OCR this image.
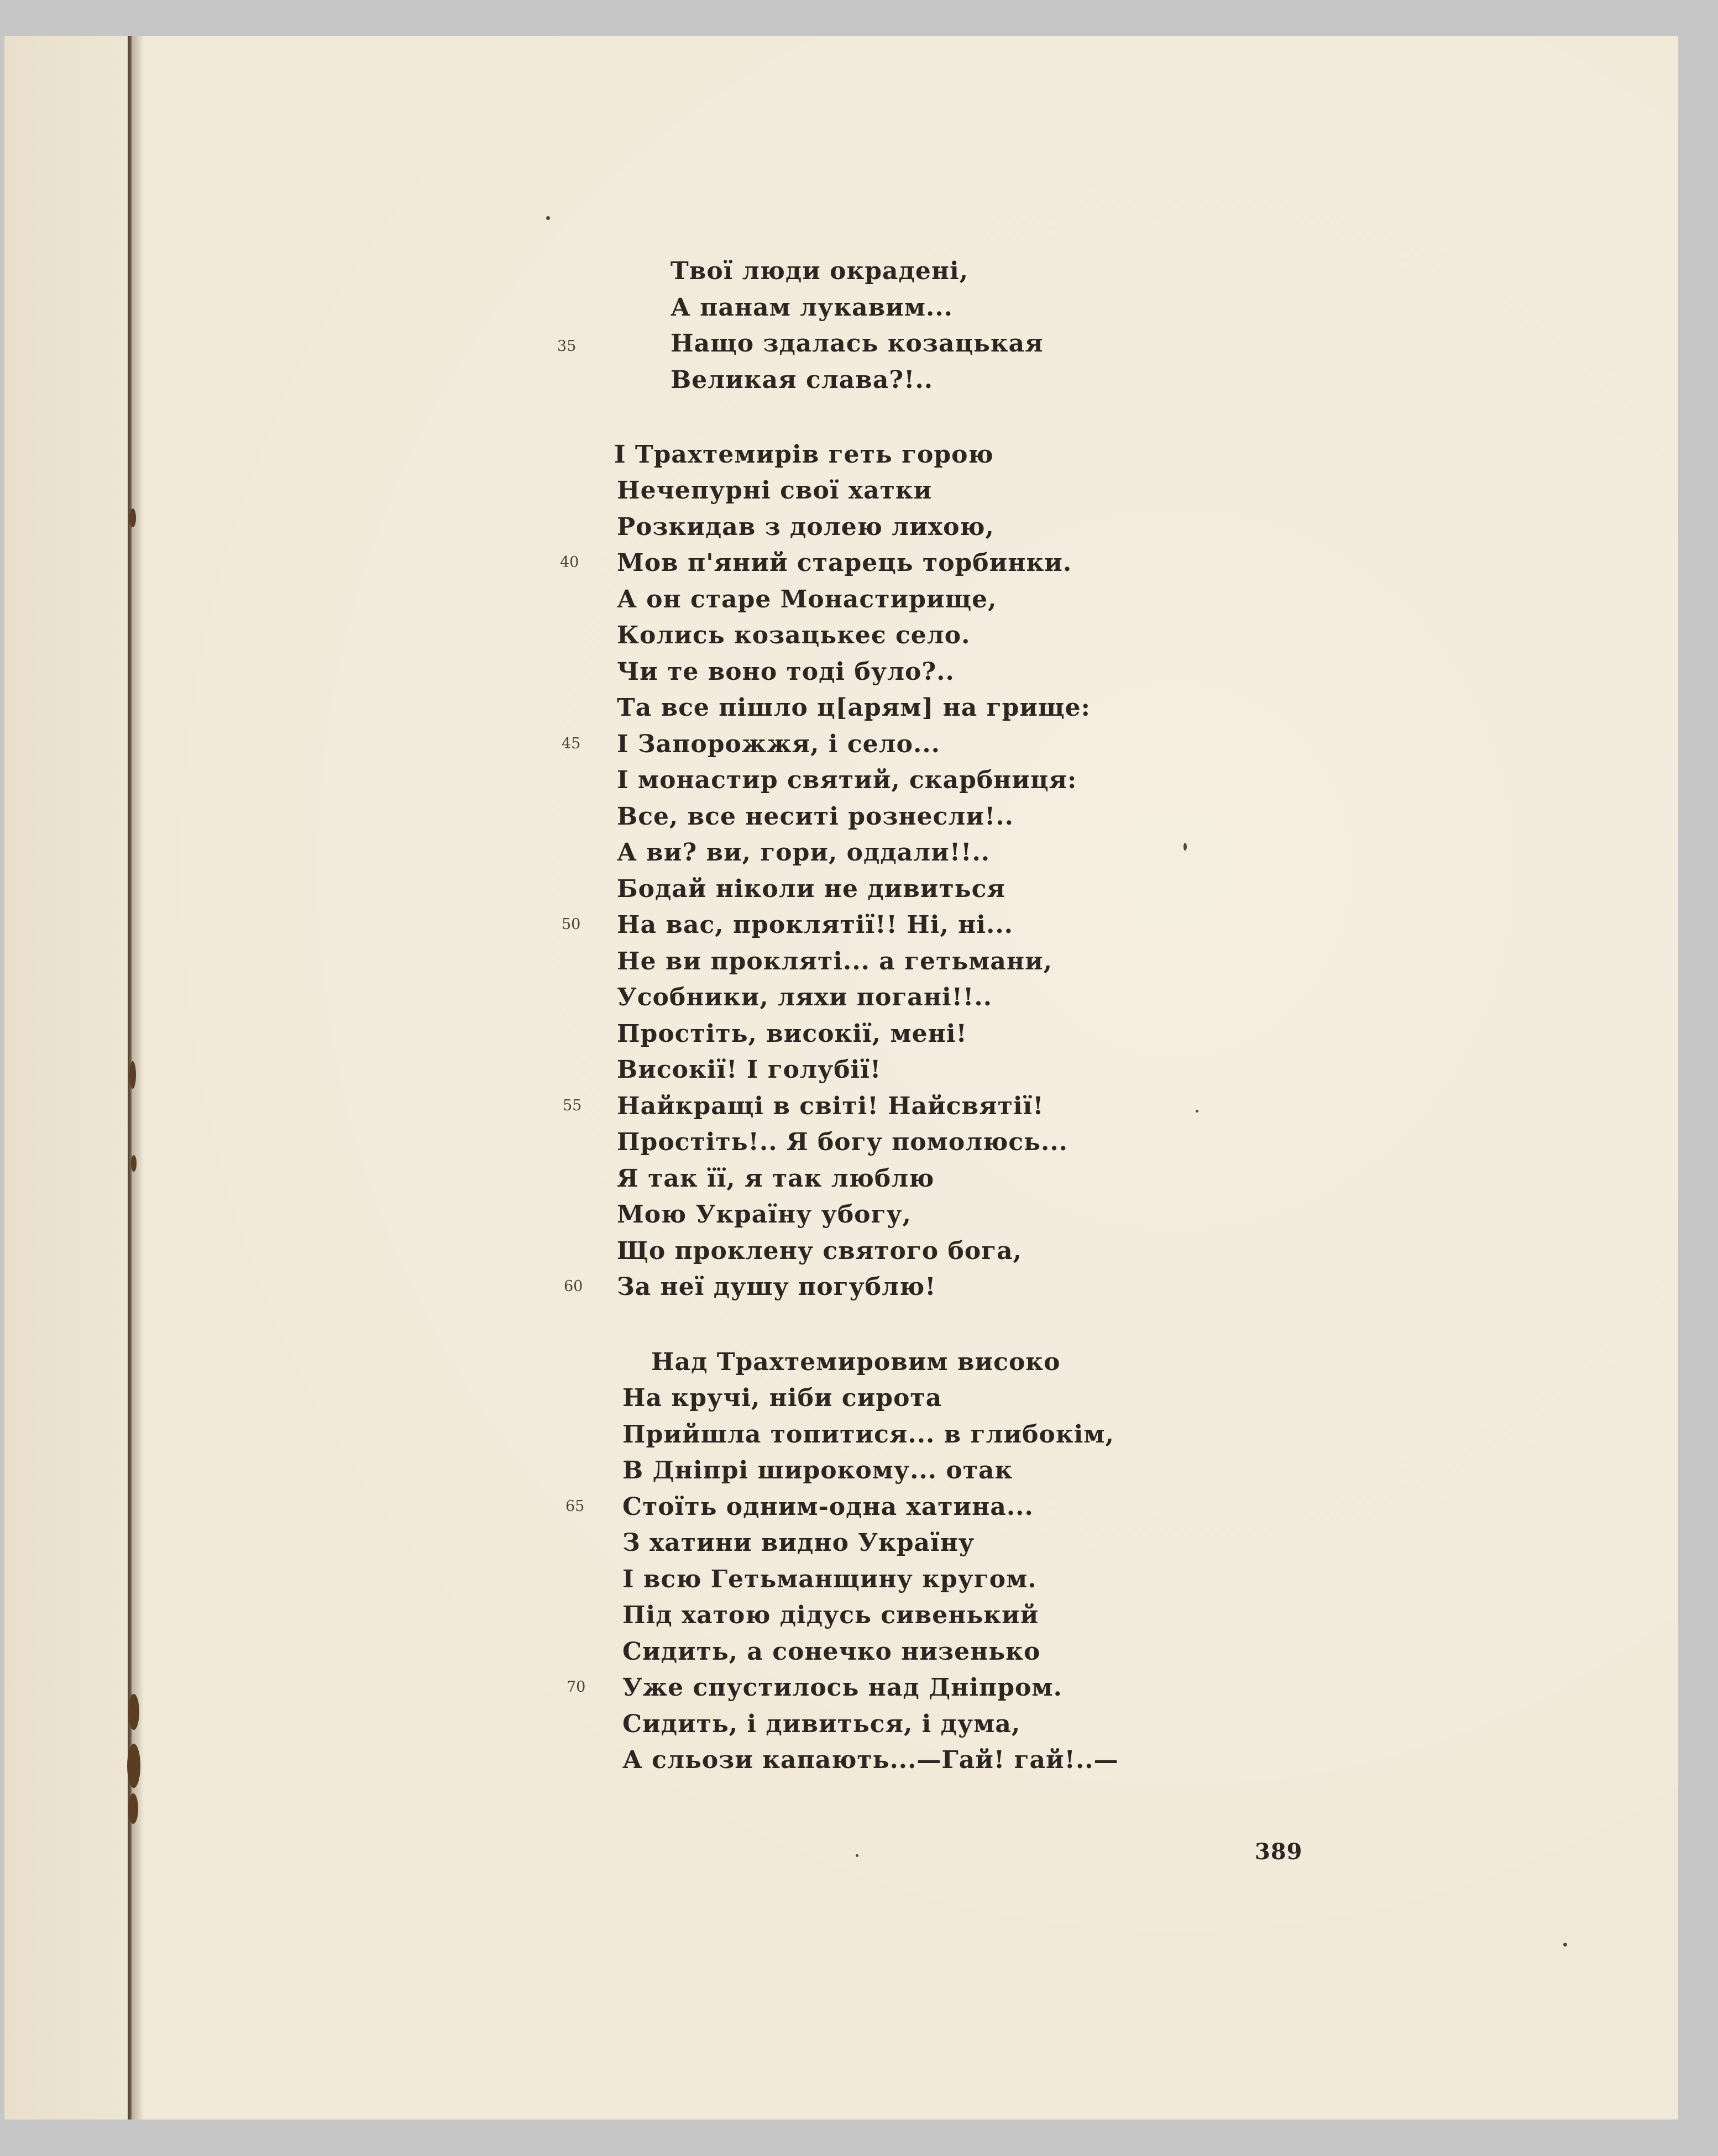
Твої люди окрадені,
А панам лукавим...
Нащо здалась козацькая
Великая слава?!..
35
І Трахтемирів геть горою
Нечепурні свої хатки
Розкидав з долею лихою,
Мов п'яний старець торбинки.
А он старе Монастирище,
Колись козацькеє село.
Чи те воно тоді було?..
Та все пішло ц[арям] на грище:
І Запорожжя, і село...
І монастир святий, скарбниця:
Все, все неситі рознесли!..
А ви? ви, гори, оддали!!..
Бодай ніколи не дивиться
На вас, проклятії!! Ні, ні...
Не ви прокляті... а гетьмани,
Усобники, ляхи погані!!..
Простіть, високії, мені!
Високії! І голубії!
Найкращі в світі! Найсвятії!
Простіть!.. Я богу помолюсь...
Я так її, я так люблю
Мою Україну убогу,
Що проклену святого бога,
За неї душу погублю!
40
45
50
55
60
Над Трахтемировим високо
На кручі, ніби сирота
Прийшла топитися... в глибокім,
В Дніпрі широкому... отак
Стоїть одним-одна хатина...
З хатини видно Україну
І всю Гетьманщину кругом.
Під хатою дідусь сивенький
Сидить, а сонечко низенько
Уже спустилось над Дніпром.
Сидить, і дивиться, і дума,
А сльози капають...—Гай! гай!..—
65
70
389
